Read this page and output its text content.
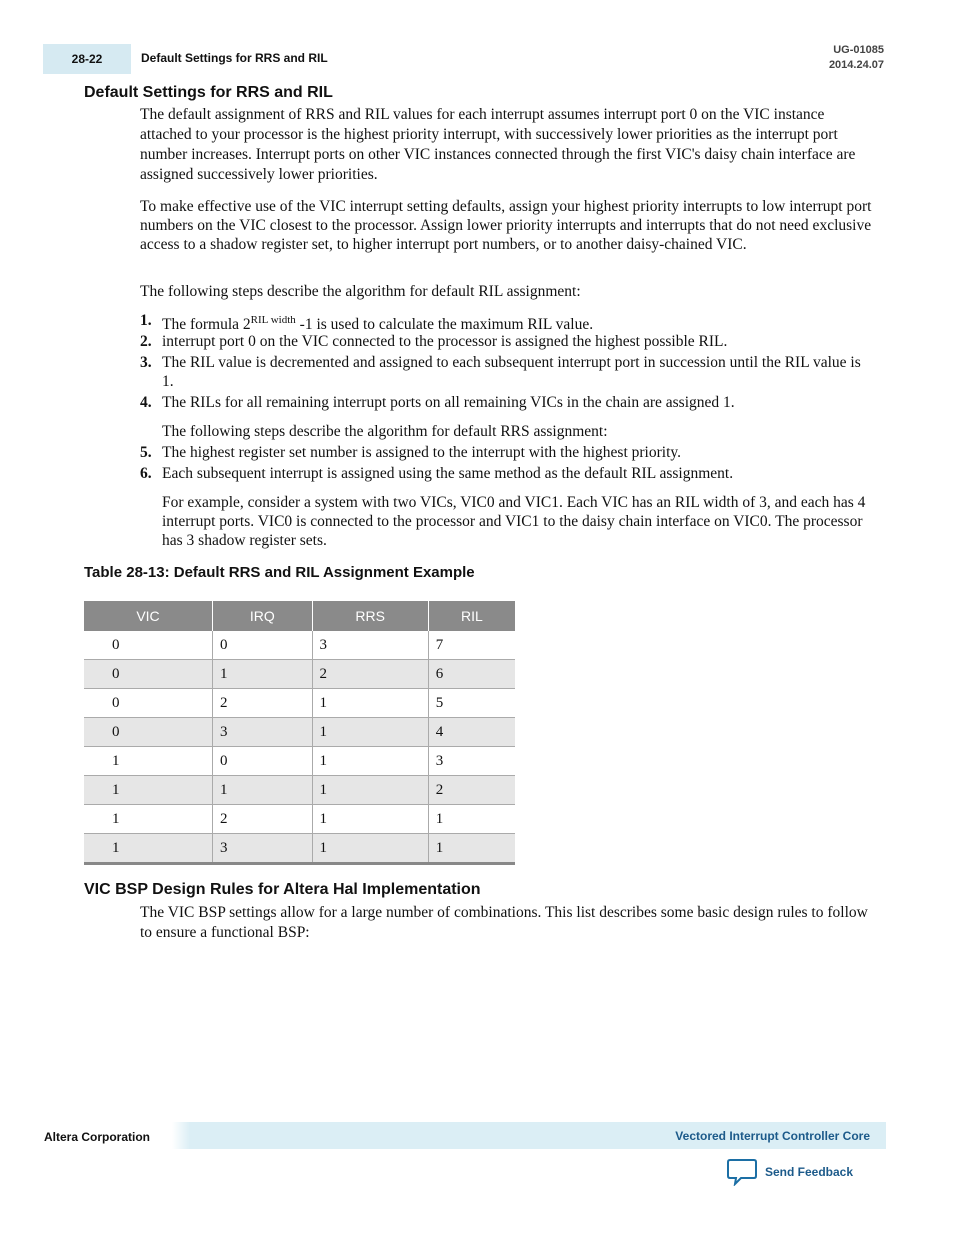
28-22	Default Settings for RRS and RIL
UG-01085
2014.24.07
Default Settings for RRS and RIL

The default assignment of RRS and RIL values for each interrupt assumes interrupt port 0 on the VIC instance attached to your processor is the highest priority interrupt, with successively lower priorities as the interrupt port number increases. Interrupt ports on other VIC instances connected through the first VIC's daisy chain interface are assigned successively lower priorities.

To make effective use of the VIC interrupt setting defaults, assign your highest priority interrupts to low interrupt port numbers on the VIC closest to the processor. Assign lower priority interrupts and interrupts that do not need exclusive access to a shadow register set, to higher interrupt port numbers, or to another daisy-chained VIC.

The following steps describe the algorithm for default RIL assignment:

1. The formula $2^{RIL width}$ -1 is used to calculate the maximum RIL value.
2. interrupt port 0 on the VIC connected to the processor is assigned the highest possible RIL.
3. The RIL value is decremented and assigned to each subsequent interrupt port in succession until the RIL value is 1.
4. The RILs for all remaining interrupt ports on all remaining VICs in the chain are assigned 1.
The following steps describe the algorithm for default RRS assignment:
5. The highest register set number is assigned to the interrupt with the highest priority.
6. Each subsequent interrupt is assigned using the same method as the default RIL assignment.
For example, consider a system with two VICs, VIC0 and VIC1. Each VIC has an RIL width of 3, and each has 4 interrupt ports. VIC0 is connected to the processor and VIC1 to the daisy chain interface on VIC0. The processor has 3 shadow register sets.
Table 28-13: Default RRS and RIL Assignment Example
VIC	IRQ	RRS	RIL
0	0	3	7
0	1	2	6
0	2	1	5
0	3	1	4
1	0	1	3
1	1	1	2
1	2	1	1
1	3	1	1
VIC BSP Design Rules for Altera Hal Implementation

The VIC BSP settings allow for a large number of combinations. This list describes some basic design rules to follow to ensure a functional BSP:

Altera Corporation	Vectored Interrupt Controller Core
Send Feedback
